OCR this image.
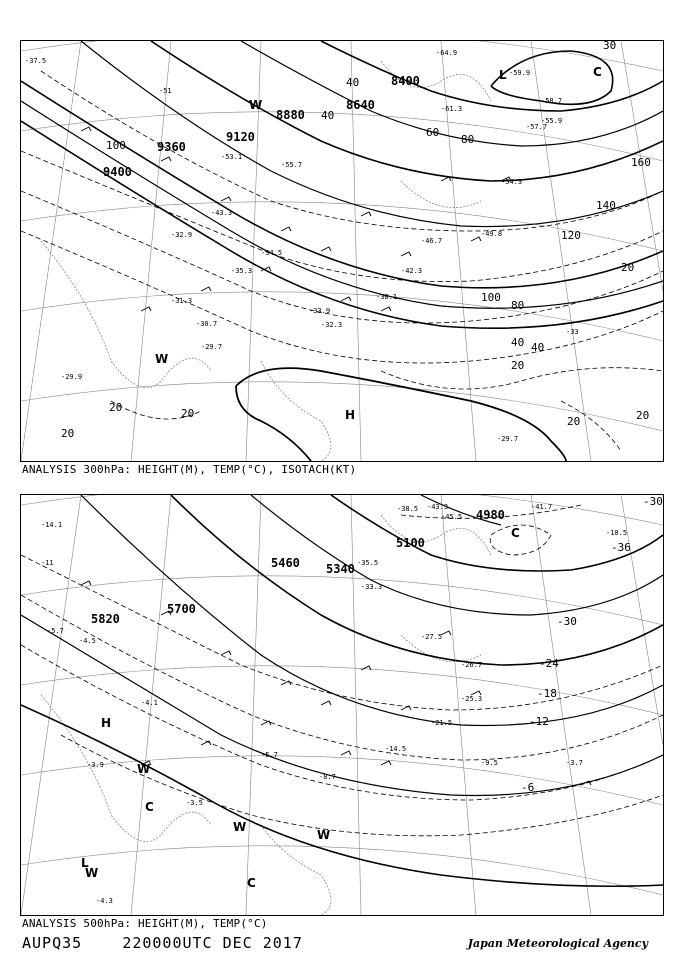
9400
9360
9120
8880
8640
8400
100
40
40
60
80
100
120
140
160
80
40
20
20	20
20
20	20
20
40
30
H
L
W
W
C
-37.5
-51
-53.1
-55.7
-43.3
-35.3
-34.5
-32.9
-31.3
-30.7
-29.7
-29.9
-29.7
-33
-38.1
-42.3
-46.7
-49.8
-54.3
-57.7
-58.7
-61.3
-64.9
-59.9
-55.9
-33.9
-32.3
ANALYSIS 300hPa: HEIGHT(M), TEMP(°C), ISOTACH(KT)
5820
5700
5460 5340
5100
4980
-30
-36
-30
-24
-18
-12
-6
H
L
C
W
W
W
W
C
C
-14.1
-11
-4.5
-5.7
-3.7
-3.5
-4.3
-9.5
-14.5
-21.5
-25.3
-26.7
-27.5
-33.3
-35.5
-38.5 -43.3
-45.5
-41.7
-10.5
-8.7
-5.7
-4.1
-3.9
ANALYSIS 500hPa: HEIGHT(M), TEMP(°C)
AUPQ35	220000UTC DEC 2017	Japan Meteorological Agency
